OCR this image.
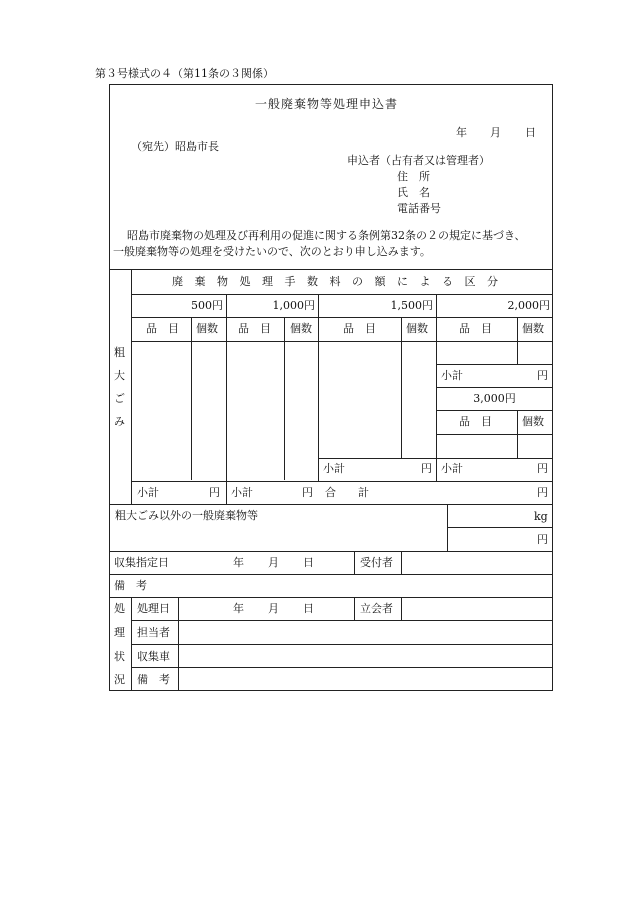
第３号様式の４（第11条の３関係）
一般廃棄物等処理申込書
年 月 日
（宛先）昭島市長
申込者（占有者又は管理者）
住　所
氏　名
電話番号
昭島市廃棄物の処理及び再利用の促進に関する条例第32条の２の規定に基づき、
一般廃棄物等の処理を受けたいので、次のとおり申し込みます。
粗
大
ご
み
廃棄物処理手数料の額による区分
500円	1,000円	1,500円	2,000円
品　目 個数 品　目 個数	品　目	個数	品　目	個数
小計	円
3,000円
品　目	個数
小計	円 小計	円
小計	円 小計	円 合　　計	円
粗大ごみ以外の一般廃棄物等	kg
円
収集指定日	年 月 日	受付者
備　考
処
理
状
況
処理日	年 月 日	立会者
担当者
収集車
備　考
